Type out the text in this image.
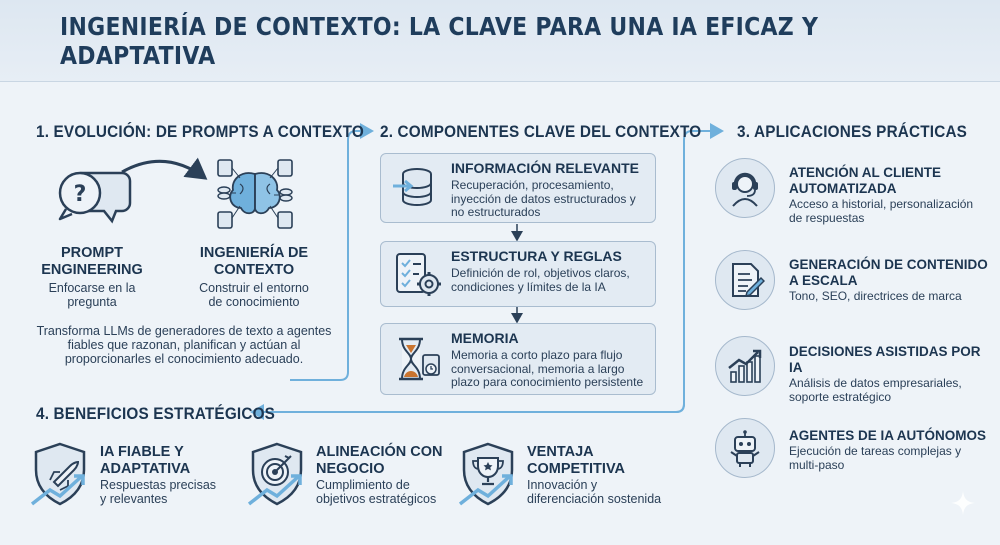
INGENIERÍA DE CONTEXTO: LA CLAVE PARA UNA IA EFICAZ Y ADAPTATIVA
1. EVOLUCIÓN: DE PROMPTS A CONTEXTO
?
PROMPT
ENGINEERING
Enfocarse en la
pregunta
INGENIERÍA DE
CONTEXTO
Construir el entorno
de conocimiento
Transforma LLMs de generadores de texto a agentes
fiables que razonan, planifican y actúan al
proporcionarles el conocimiento adecuado.
2. COMPONENTES CLAVE DEL CONTEXTO
INFORMACIÓN RELEVANTE
Recuperación, procesamiento,
inyección de datos estructurados y
no estructurados
ESTRUCTURA Y REGLAS
Definición de rol, objetivos claros,
condiciones y límites de la IA
MEMORIA
Memoria a corto plazo para flujo
conversacional, memoria a largo
plazo para conocimiento persistente
3. APLICACIONES PRÁCTICAS
ATENCIÓN AL CLIENTE
AUTOMATIZADA
Acceso a historial, personalización
de respuestas
GENERACIÓN DE CONTENIDO
A ESCALA
Tono, SEO, directrices de marca
DECISIONES ASISTIDAS POR IA
Análisis de datos empresariales,
soporte estratégico
AGENTES DE IA AUTÓNOMOS
Ejecución de tareas complejas y
multi-paso
4. BENEFICIOS ESTRATÉGICOS
IA FIABLE Y
ADAPTATIVA
Respuestas precisas
y relevantes
ALINEACIÓN CON
NEGOCIO
Cumplimiento de
objetivos estratégicos
VENTAJA
COMPETITIVA
Innovación y
diferenciación sostenida
